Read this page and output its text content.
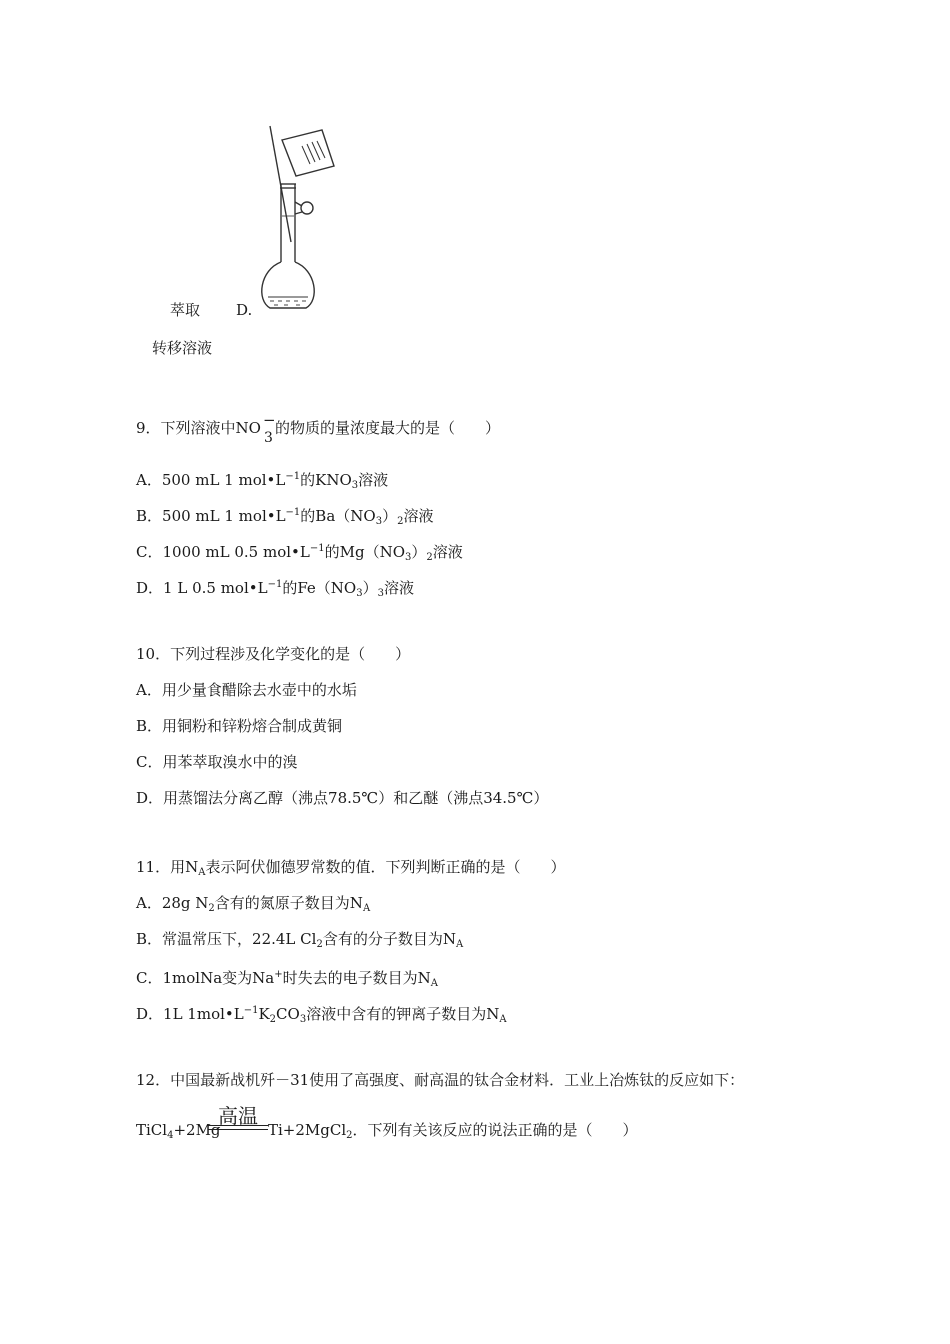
萃取 D.
转移溶液
9．下列溶液中NO −
3
的物质的量浓度最大的是（　　）
A．500 mL 1 $mol•L^{-1}$的$KNO_3$溶液
B．500 mL 1 $mol•L^{-1}$的$Ba(NO_3)_2$溶液
C．1000 mL 0.5 $mol•L^{-1}$的$Mg(NO_3)_2$溶液
D．1 L 0.5 $mol•L^{-1}$的$Fe(NO_3)_3$溶液
10．下列过程涉及化学变化的是（　　）
A．用少量食醋除去水壶中的水垢
B．用铜粉和锌粉熔合制成黄铜
C．用苯萃取溴水中的溴
D．用蒸馏法分离乙醇（沸点78.5℃）和乙醚（沸点34.5℃）
11．用$N_A$表示阿伏伽德罗常数的值．下列判断正确的是（　　）
A．28g $N_2$含有的氮原子数目为$N_A$
B．常温常压下，22.4L $Cl_2$含有的分子数目为$N_A$
C．1molNa变为Na+时失去的电子数目为$N_A$
D．1L $1mol•L^{-1}K_2CO_3$溶液中含有的钾离子数目为$N_A$
12．中国最新战机歼－31使用了高强度、耐高温的钛合金材料．工业上冶炼钛的反应如下：
高温
TiCl$_4$+2Mg	Ti+2MgCl$_2$．下列有关该反应的说法正确的是（　　）
